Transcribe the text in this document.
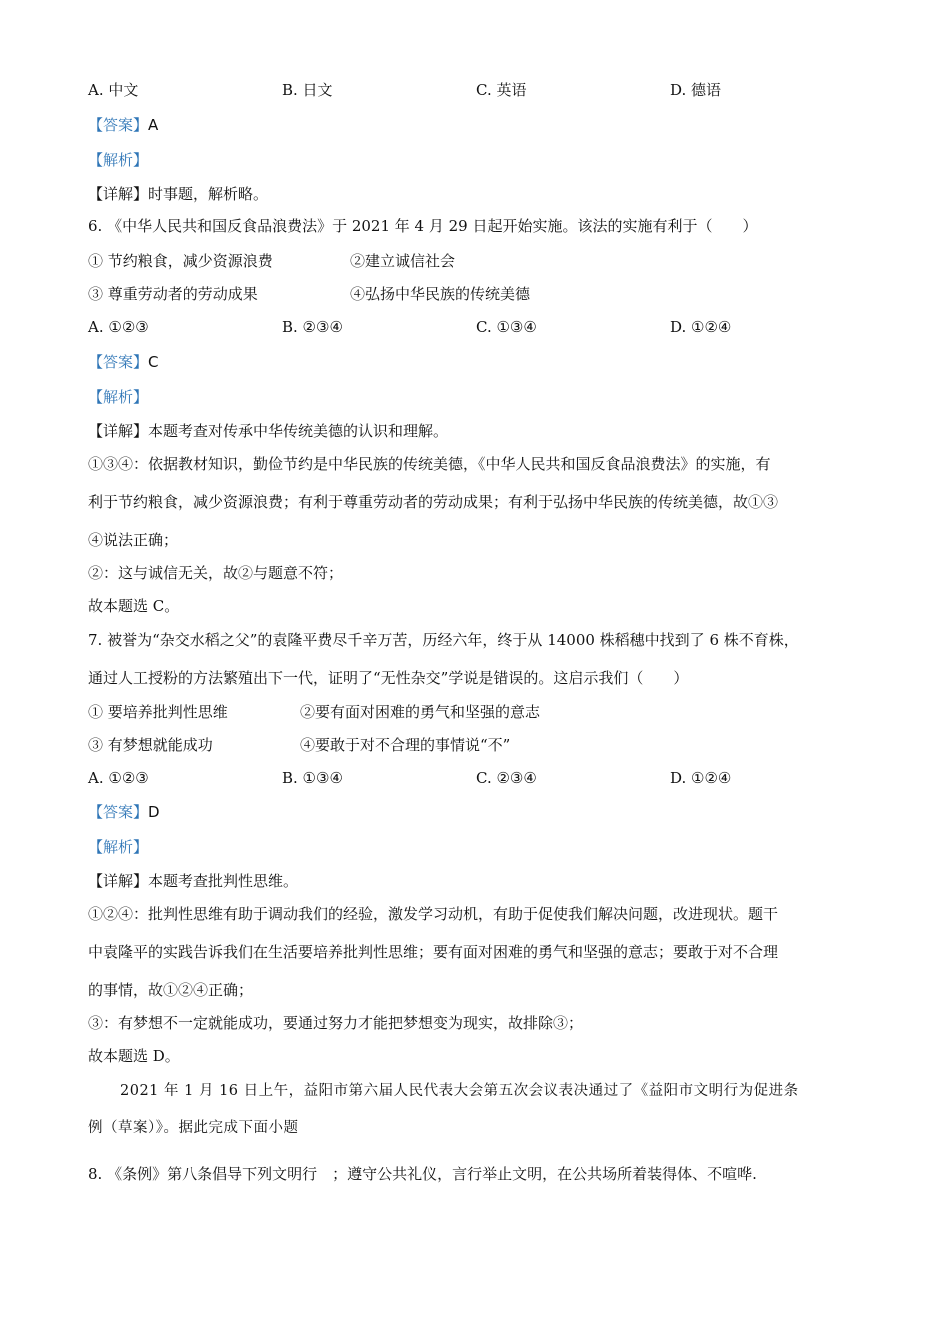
A. 中文	B. 日文	C. 英语	D. 德语
【答案】A
【解析】
【详解】时事题，解析略。
6. 《中华人民共和国反食品浪费法》于 2021 年 4 月 29 日起开始实施。该法的实施有利于（　　）
① 节约粮食，减少资源浪费	②建立诚信社会
③ 尊重劳动者的劳动成果	④弘扬中华民族的传统美德
A. ①②③	B. ②③④	C. ①③④	D. ①②④
【答案】C
【解析】
【详解】本题考查对传承中华传统美德的认识和理解。
①③④：依据教材知识，勤俭节约是中华民族的传统美德，《中华人民共和国反食品浪费法》的实施，有
利于节约粮食，减少资源浪费；有利于尊重劳动者的劳动成果；有利于弘扬中华民族的传统美德，故①③
④说法正确；
②：这与诚信无关，故②与题意不符；
故本题选 C。
7. 被誉为“杂交水稻之父”的袁隆平费尽千辛万苦，历经六年，终于从 14000 株稻穗中找到了 6 株不育株，
通过人工授粉的方法繁殖出下一代，证明了“无性杂交”学说是错误的。这启示我们（　　）
① 要培养批判性思维	②要有面对困难的勇气和坚强的意志
③ 有梦想就能成功	④要敢于对不合理的事情说“不”
A. ①②③	B. ①③④	C. ②③④	D. ①②④
【答案】D
【解析】
【详解】本题考查批判性思维。
①②④：批判性思维有助于调动我们的经验，激发学习动机，有助于促使我们解决问题，改进现状。题干
中袁隆平的实践告诉我们在生活要培养批判性思维；要有面对困难的勇气和坚强的意志；要敢于对不合理
的事情，故①②④正确；
③：有梦想不一定就能成功，要通过努力才能把梦想变为现实，故排除③；
故本题选 D。
2021 年 1 月 16 日上午，益阳市第六届人民代表大会第五次会议表决通过了《益阳市文明行为促进条
例（草案）》。据此完成下面小题
8. 《条例》第八条倡导下列文明行　；遵守公共礼仪，言行举止文明，在公共场所着装得体、不喧哗.
